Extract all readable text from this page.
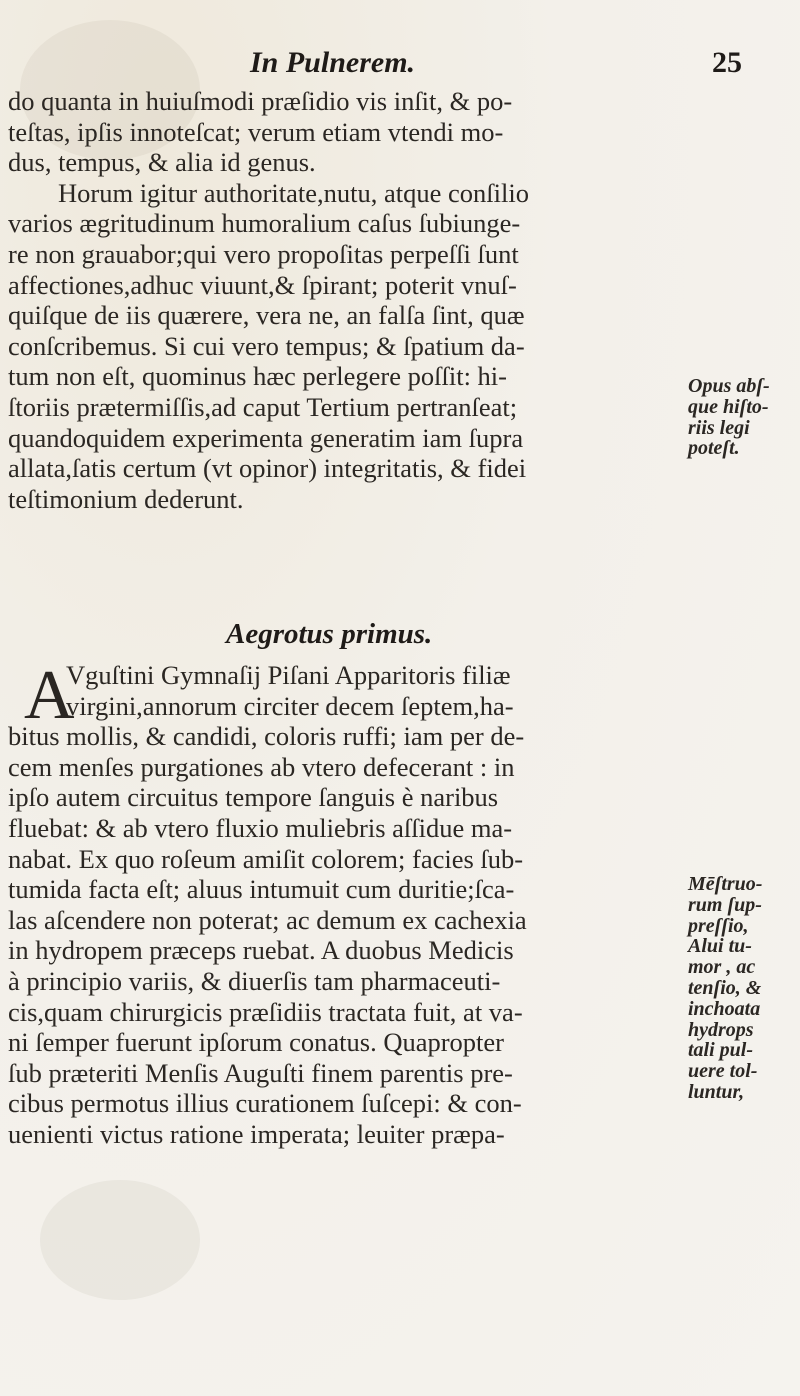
In Pulnerem.	25
do quanta in huiuſmodi præſidio vis inſit, & po-
teſtas, ipſis innoteſcat; verum etiam vtendi mo-
dus, tempus, & alia id genus.
Horum igitur authoritate,nutu, atque conſilio
varios ægritudinum humoralium caſus ſubiunge-
re non grauabor;qui vero propoſitas perpeſſi ſunt
affectiones,adhuc viuunt,& ſpirant; poterit vnuſ-
quiſque de iis quærere, vera ne, an falſa ſint, quæ
conſcribemus. Si cui vero tempus; & ſpatium da-
tum non eſt, quominus hæc perlegere poſſit: hi-
ſtoriis prætermiſſis,ad caput Tertium pertranſeat;
quandoquidem experimenta generatim iam ſupra
allata,ſatis certum (vt opinor) integritatis, & fidei
teſtimonium dederunt.
Opus abſ-
que hiſto-
riis legi
poteſt.
Aegrotus primus.
A
Vguſtini Gymnaſij Piſani Apparitoris filiæ
virgini,annorum circiter decem ſeptem,ha-
bitus mollis, & candidi, coloris ruffi; iam per de-
cem menſes purgationes ab vtero defecerant : in
ipſo autem circuitus tempore ſanguis è naribus
fluebat: & ab vtero fluxio muliebris aſſidue ma-
nabat. Ex quo roſeum amiſit colorem; facies ſub-
tumida facta eſt; aluus intumuit cum duritie;ſca-
las aſcendere non poterat; ac demum ex cachexia
in hydropem præceps ruebat. A duobus Medicis
à principio variis, & diuerſis tam pharmaceuti-
cis,quam chirurgicis præſidiis tractata fuit, at va-
ni ſemper fuerunt ipſorum conatus. Quapropter
ſub præteriti Menſis Auguſti finem parentis pre-
cibus permotus illius curationem ſuſcepi: & con-
uenienti victus ratione imperata; leuiter præpa-
Mēſtruo-
rum ſup-
preſſio,
Alui tu-
mor , ac
tenſio, &
inchoata
hydrops
tali pul-
uere tol-
luntur,
